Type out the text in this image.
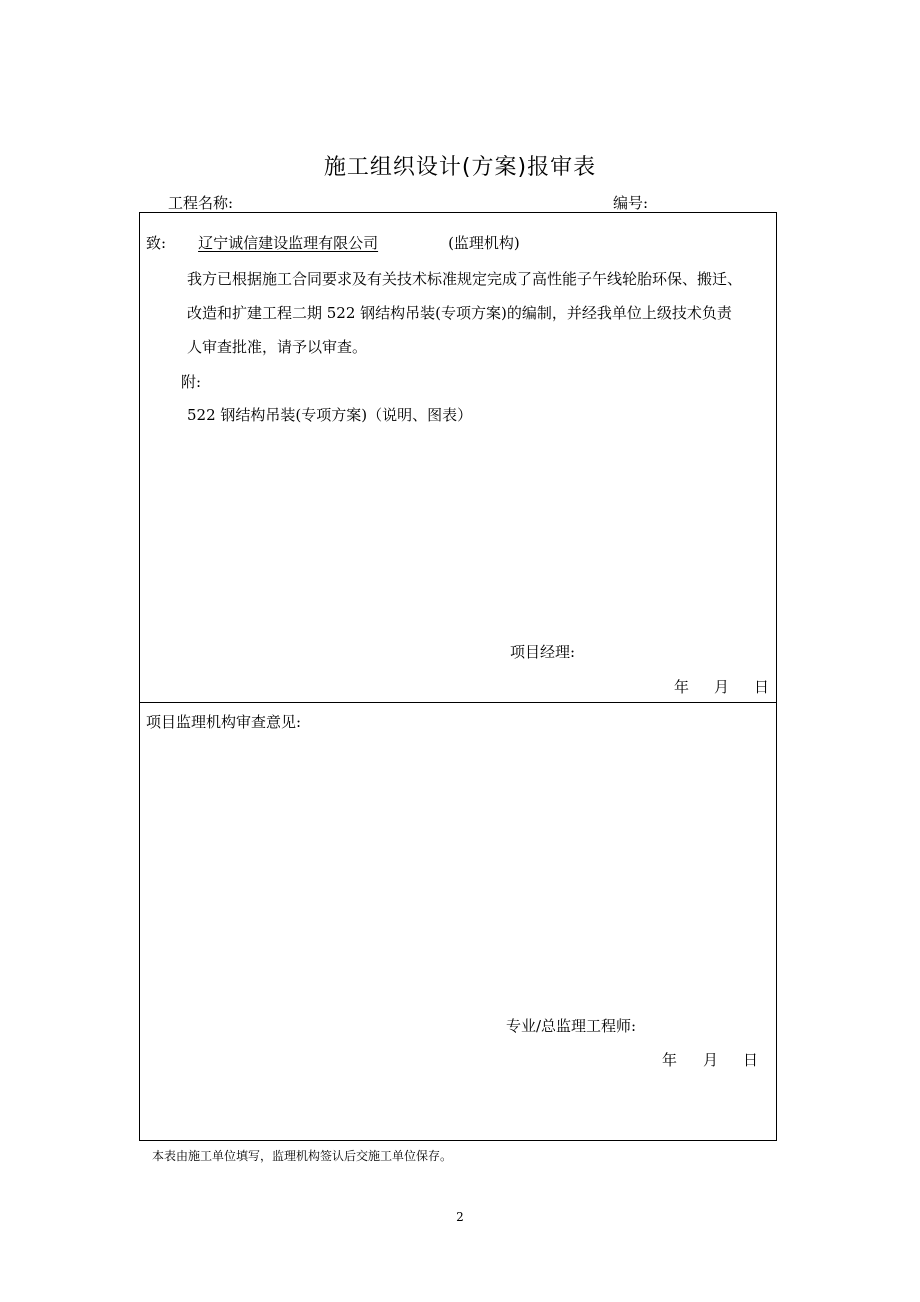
施工组织设计(方案)报审表
工程名称:	编号:
致: 辽宁诚信建设监理有限公司	(监理机构)
我方已根据施工合同要求及有关技术标准规定完成了高性能子午线轮胎环保、搬迁、
改造和扩建工程二期 522 钢结构吊装(专项方案)的编制，并经我单位上级技术负责
人审查批准，请予以审查。
附:
522 钢结构吊装(专项方案)（说明、图表）
项目经理:
年 月 日
项目监理机构审查意见:
专业/总监理工程师:
年 月 日
本表由施工单位填写，监理机构签认后交施工单位保存。
2
